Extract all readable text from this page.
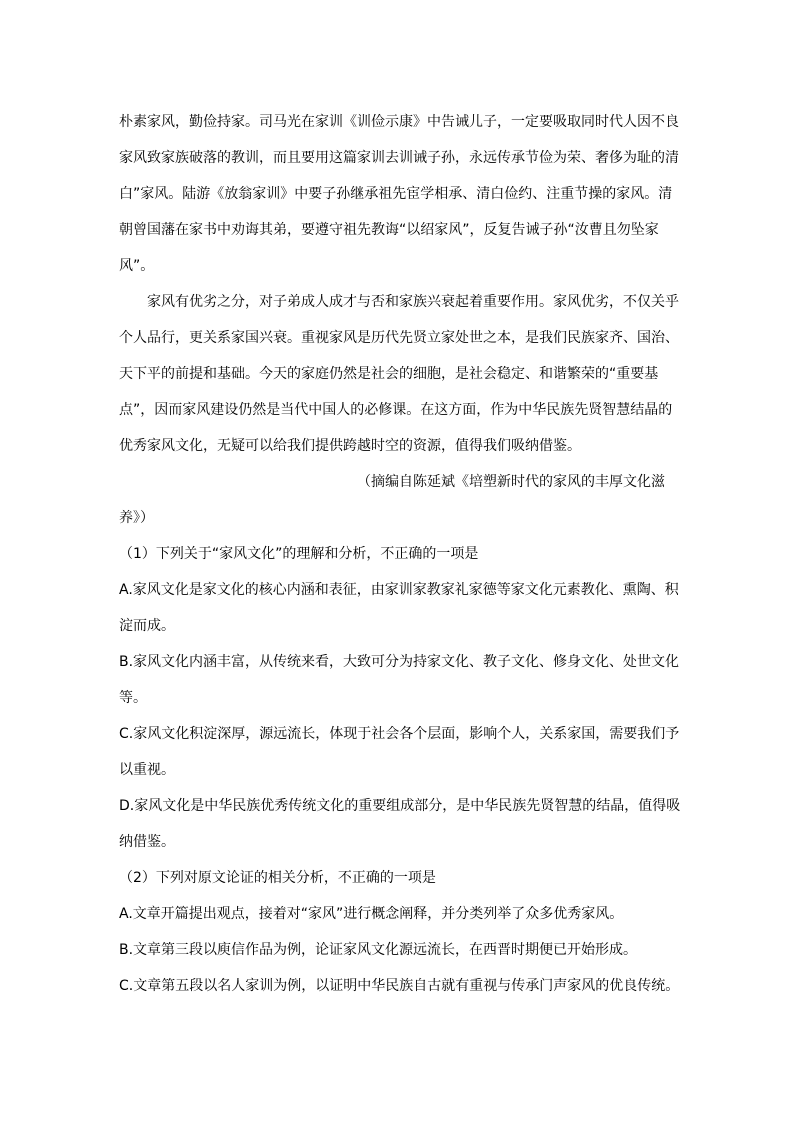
朴素家风，勤俭持家。司马光在家训《训俭示康》中告诫儿子，一定要吸取同时代人因不良
家风致家族破落的教训，而且要用这篇家训去训诫子孙，永远传承节俭为荣、奢侈为耻的清
白”家风。陆游《放翁家训》中要子孙继承祖先宦学相承、清白俭约、注重节操的家风。清
朝曾国藩在家书中劝诲其弟，要遵守祖先教诲“以绍家风”，反复告诫子孙“汝曹且勿坠家
风”。
家风有优劣之分，对子弟成人成才与否和家族兴衰起着重要作用。家风优劣，不仅关乎
个人品行，更关系家国兴衰。重视家风是历代先贤立家处世之本，是我们民族家齐、国治、
天下平的前提和基础。今天的家庭仍然是社会的细胞，是社会稳定、和谐繁荣的“重要基
点”，因而家风建设仍然是当代中国人的必修课。在这方面，作为中华民族先贤智慧结晶的
优秀家风文化，无疑可以给我们提供跨越时空的资源，值得我们吸纳借鉴。
（摘编自陈延斌《培塑新时代的家风的丰厚文化滋
养》）
（1）下列关于“家风文化”的理解和分析，不正确的一项是
A.家风文化是家文化的核心内涵和表征，由家训家教家礼家德等家文化元素教化、熏陶、积
淀而成。
B.家风文化内涵丰富，从传统来看，大致可分为持家文化、教子文化、修身文化、处世文化
等。
C.家风文化积淀深厚，源远流长，体现于社会各个层面，影响个人，关系家国，需要我们予
以重视。
D.家风文化是中华民族优秀传统文化的重要组成部分，是中华民族先贤智慧的结晶，值得吸
纳借鉴。
（2）下列对原文论证的相关分析，不正确的一项是
A.文章开篇提出观点，接着对“家风”进行概念阐释，并分类列举了众多优秀家风。
B.文章第三段以庾信作品为例，论证家风文化源远流长，在西晋时期便已开始形成。
C.文章第五段以名人家训为例，以证明中华民族自古就有重视与传承门声家风的优良传统。
